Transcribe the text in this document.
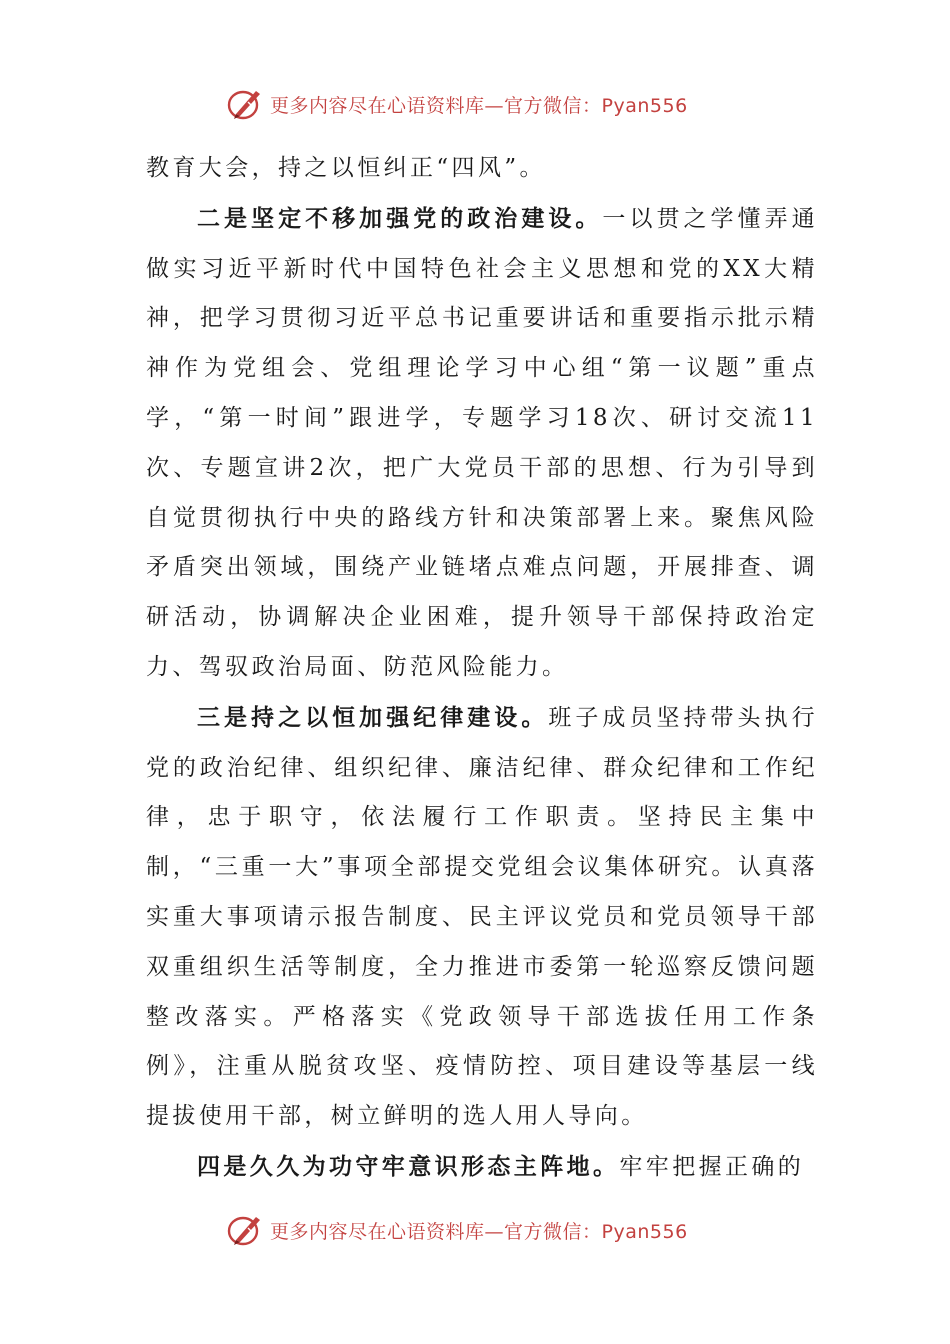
更多内容尽在心语资料库—官方微信：Pyan556

教育大会，持之以恒纠正“四风”。

二是坚定不移加强党的政治建设。一以贯之学懂弄通做实习近平新时代中国特色社会主义思想和党的XX大精神，把学习贯彻习近平总书记重要讲话和重要指示批示精神作为党组会、党组理论学习中心组“第一议题”重点学，“第一时间”跟进学，专题学习18次、研讨交流11次、专题宣讲2次，把广大党员干部的思想、行为引导到自觉贯彻执行中央的路线方针和决策部署上来。聚焦风险矛盾突出领域，围绕产业链堵点难点问题，开展排查、调研活动，协调解决企业困难，提升领导干部保持政治定力、驾驭政治局面、防范风险能力。

三是持之以恒加强纪律建设。班子成员坚持带头执行党的政治纪律、组织纪律、廉洁纪律、群众纪律和工作纪律，忠于职守，依法履行工作职责。坚持民主集中制，“三重一大”事项全部提交党组会议集体研究。认真落实重大事项请示报告制度、民主评议党员和党员领导干部双重组织生活等制度，全力推进市委第一轮巡察反馈问题整改落实。严格落实《党政领导干部选拔任用工作条例》，注重从脱贫攻坚、疫情防控、项目建设等基层一线提拔使用干部，树立鲜明的选人用人导向。

四是久久为功守牢意识形态主阵地。牢牢把握正确的

更多内容尽在心语资料库—官方微信：Pyan556
